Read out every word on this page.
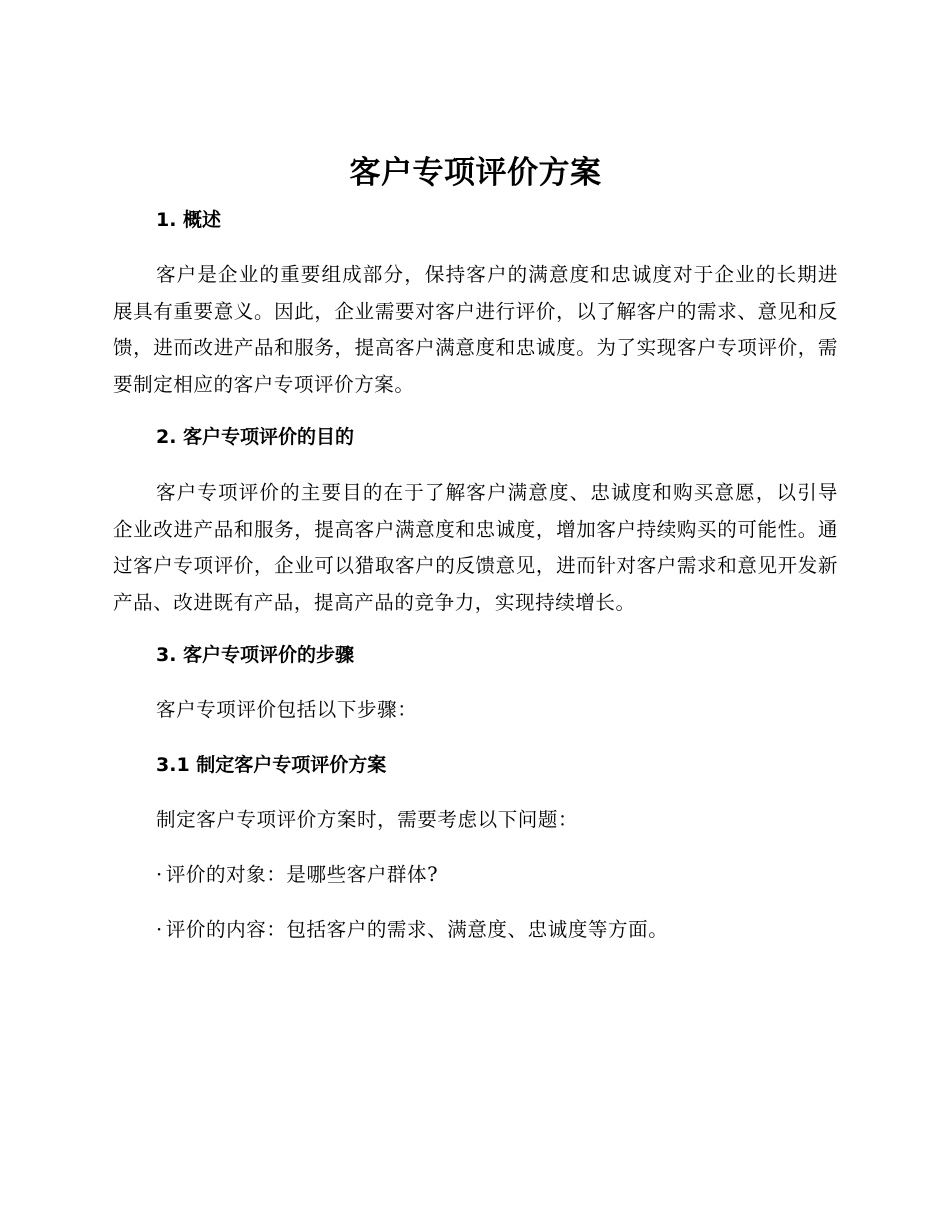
客户专项评价方案
1. 概述

客户是企业的重要组成部分，保持客户的满意度和忠诚度对于企业的长期进展具有重要意义。因此，企业需要对客户进行评价，以了解客户的需求、意见和反馈，进而改进产品和服务，提高客户满意度和忠诚度。为了实现客户专项评价，需要制定相应的客户专项评价方案。

2. 客户专项评价的目的

客户专项评价的主要目的在于了解客户满意度、忠诚度和购买意愿，以引导企业改进产品和服务，提高客户满意度和忠诚度，增加客户持续购买的可能性。通过客户专项评价，企业可以猎取客户的反馈意见，进而针对客户需求和意见开发新产品、改进既有产品，提高产品的竞争力，实现持续增长。

3. 客户专项评价的步骤

客户专项评价包括以下步骤：

3.1 制定客户专项评价方案

制定客户专项评价方案时，需要考虑以下问题：

· 评价的对象：是哪些客户群体?

· 评价的内容：包括客户的需求、满意度、忠诚度等方面。
